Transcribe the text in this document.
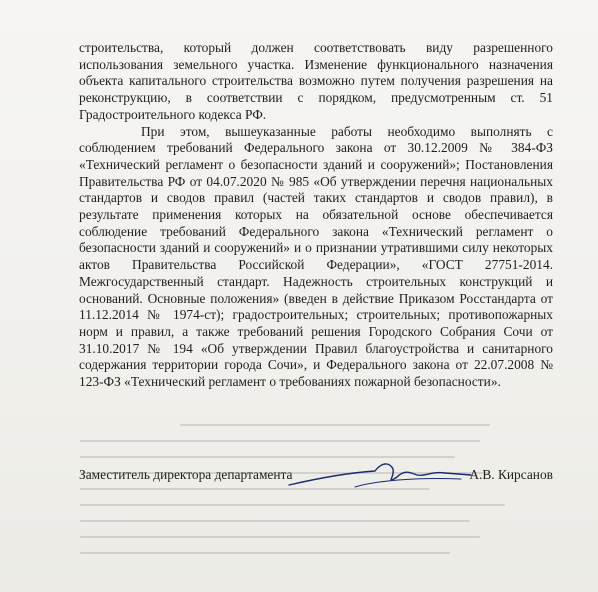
строительства, который должен соответствовать виду разрешенного использования земельного участка. Изменение функционального назначения объекта капитального строительства возможно путем получения разрешения на реконструкцию, в соответствии с порядком, предусмотренным ст. 51 Градостроительного кодекса РФ.

При этом, вышеуказанные работы необходимо выполнять с соблюдением требований Федерального закона от 30.12.2009 № 384-ФЗ «Технический регламент о безопасности зданий и сооружений»; Постановления Правительства РФ от 04.07.2020 № 985 «Об утверждении перечня национальных стандартов и сводов правил (частей таких стандартов и сводов правил), в результате применения которых на обязательной основе обеспечивается соблюдение требований Федерального закона «Технический регламент о безопасности зданий и сооружений» и о признании утратившими силу некоторых актов Правительства Российской Федерации», «ГОСТ 27751-2014. Межгосударственный стандарт. Надежность строительных конструкций и оснований. Основные положения» (введен в действие Приказом Росстандарта от 11.12.2014 № 1974-ст); градостроительных; строительных; противопожарных норм и правил, а также требований решения Городского Собрания Сочи от 31.10.2017 № 194 «Об утверждении Правил благоустройства и санитарного содержания территории города Сочи», и Федерального закона от 22.07.2008 № 123-ФЗ «Технический регламент о требованиях пожарной безопасности».

Заместитель директора департамента	А.В. Кирсанов
